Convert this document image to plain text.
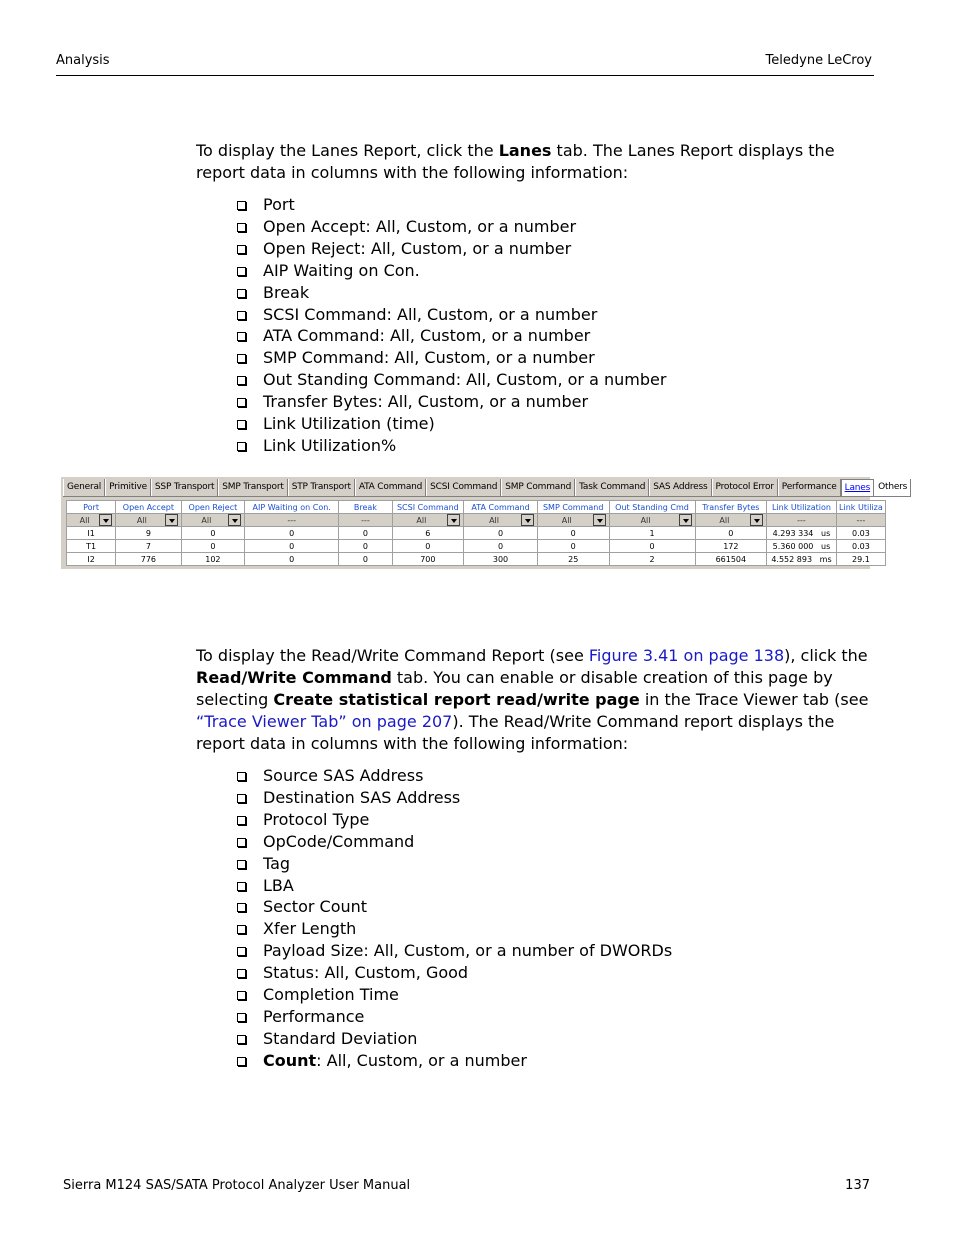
Analysis	Teledyne LeCroy

To display the Lanes Report, click the Lanes tab. The Lanes Report displays the report data in columns with the following information:

Port
Open Accept: All, Custom, or a number
Open Reject: All, Custom, or a number
AIP Waiting on Con.
Break
SCSI Command: All, Custom, or a number
ATA Command: All, Custom, or a number
SMP Command: All, Custom, or a number
Out Standing Command: All, Custom, or a number
Transfer Bytes: All, Custom, or a number
Link Utilization (time)
Link Utilization%
General Primitive SSP Transport SMP Transport STP Transport ATA Command SCSI Command SMP Command Task Command SAS Address Protocol Error Performance Lanes Others
Port	Open Accept	Open Reject	AIP Waiting on Con.	Break	SCSI Command	ATA Command	SMP Command	Out Standing Cmd	Transfer Bytes	Link Utilization	Link Utiliza

All	All	All	---	---	All	All	All	All	All	---	---
I1	9	0	0	0	6	0	0	1	0	4.293 334   us	0.03
T1	7	0	0	0	0	0	0	0	172	5.360 000   us	0.03
I2	776	102	0	0	700	300	25	2	661504	4.552 893   ms	29.1

To display the Read/Write Command Report (see Figure 3.41 on page 138), click the Read/Write Command tab. You can enable or disable creation of this page by selecting Create statistical report read/write page in the Trace Viewer tab (see “Trace Viewer Tab” on page 207). The Read/Write Command report displays the report data in columns with the following information:

Source SAS Address
Destination SAS Address
Protocol Type
OpCode/Command
Tag
LBA
Sector Count
Xfer Length
Payload Size: All, Custom, or a number of DWORDs
Status: All, Custom, Good
Completion Time
Performance
Standard Deviation
Count: All, Custom, or a number
Sierra M124 SAS/SATA Protocol Analyzer User Manual	137
